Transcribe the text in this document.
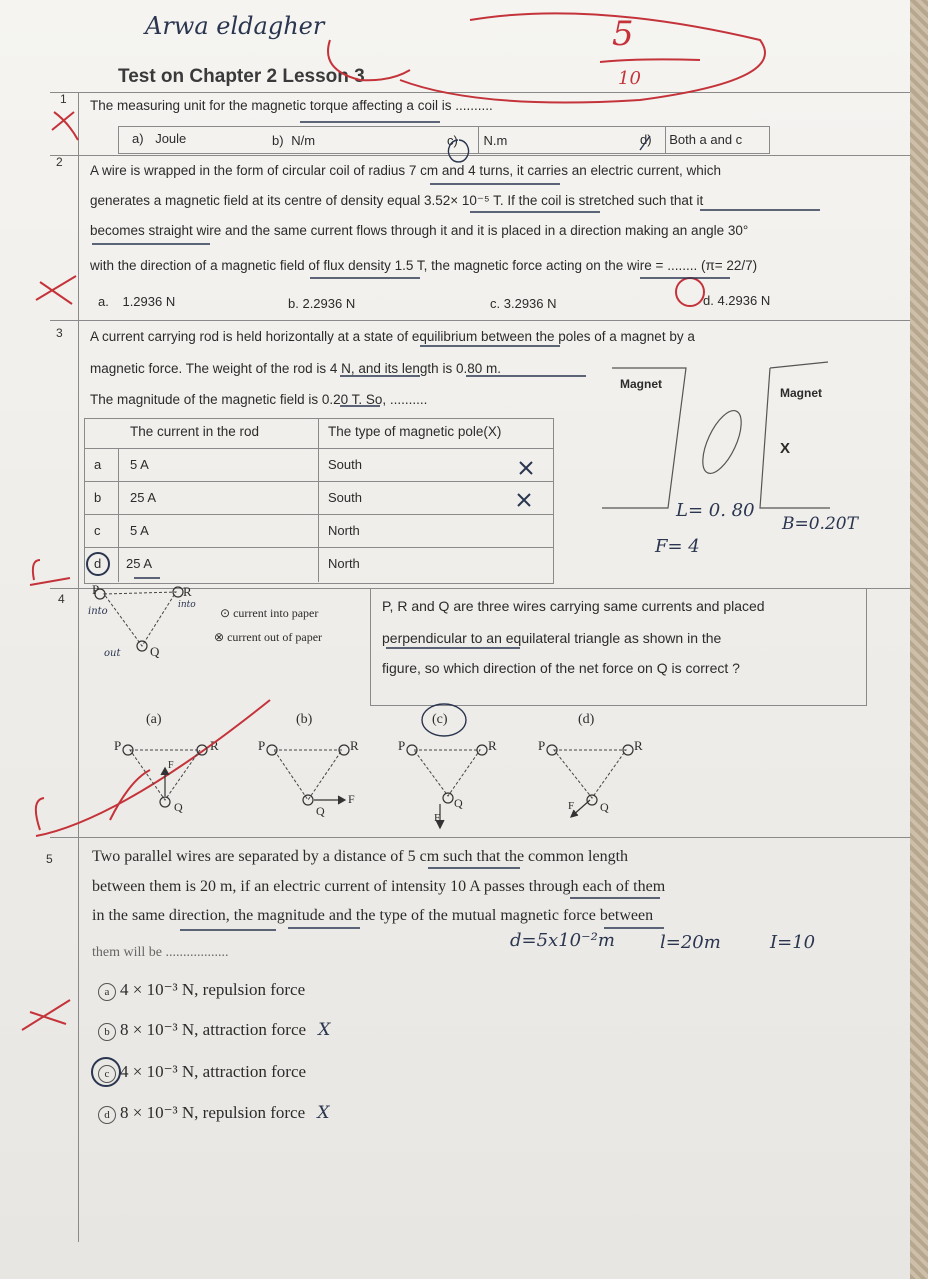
Arwa eldagher	5
10
Test on Chapter 2 Lesson 3
1 The measuring unit for the magnetic torque affecting a coil is ..........
a) Joule	b) N/m	c) N.m	d) Both a and c
2
A wire is wrapped in the form of circular coil of radius 7 cm and 4 turns, it carries an electric current, which
generates a magnetic field at its centre of density equal 3.52× 10⁻⁵ T. If the coil is stretched such that it
becomes straight wire and the same current flows through it and it is placed in a direction making an angle 30°
with the direction of a magnetic field of flux density 1.5 T, the magnetic force acting on the wire = ........ (π= 22/7)
a. 1.2936 N	b. 2.2936 N	c. 3.2936 N	d. 4.2936 N
3 A current carrying rod is held horizontally at a state of equilibrium between the poles of a magnet by a
magnetic force. The weight of the rod is 4 N, and its length is 0.80 m.
The magnitude of the magnetic field is 0.20 T. So, ..........
The current in the rod	The type of magnetic pole(X)
a 5 A	South
b 25 A	South
c 5 A	North
d 25 A	North
Magnet
Magnet
X
L= 0. 80
F= 4
B=0.20T
4	P, R and Q are three wires carrying same currents and placed
perpendicular to an equilateral triangle as shown in the
figure, so which direction of the net force on Q is correct ?
⊙ current into paper
⊗ current out of paper
P	R
Q
into
into
out
(a)	(b)	(c)	(d)
P	R
Q
F
P	R
Q
F
P	R
Q
F
P	R
Q
F
5 Two parallel wires are separated by a distance of 5 cm such that the common length
between them is 20 m, if an electric current of intensity 10 A passes through each of them
in the same direction, the magnitude and the type of the mutual magnetic force between
them will be ..................
d=5x10⁻²m	l=20m	I=10
a 4 × 10⁻³ N, repulsion force
b 8 × 10⁻³ N, attraction force X
c 4 × 10⁻³ N, attraction force
d 8 × 10⁻³ N, repulsion force X
